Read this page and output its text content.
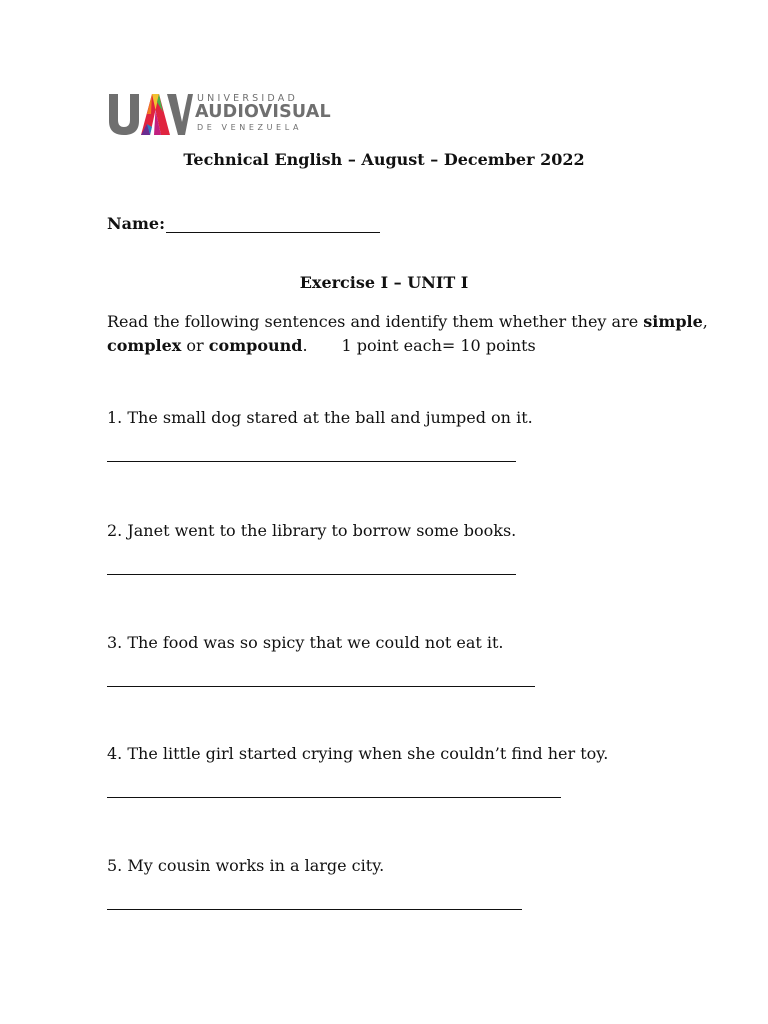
UNIVERSIDAD
AUDIOVISUAL
DE VENEZUELA
Technical English – August – December 2022
Name:
Exercise I – UNIT I
Read the following sentences and identify them whether they are simple,
complex or compound. 1 point each= 10 points
1. The small dog stared at the ball and jumped on it.
2. Janet went to the library to borrow some books.
3. The food was so spicy that we could not eat it.
4. The little girl started crying when she couldn’t find her toy.
5. My cousin works in a large city.
